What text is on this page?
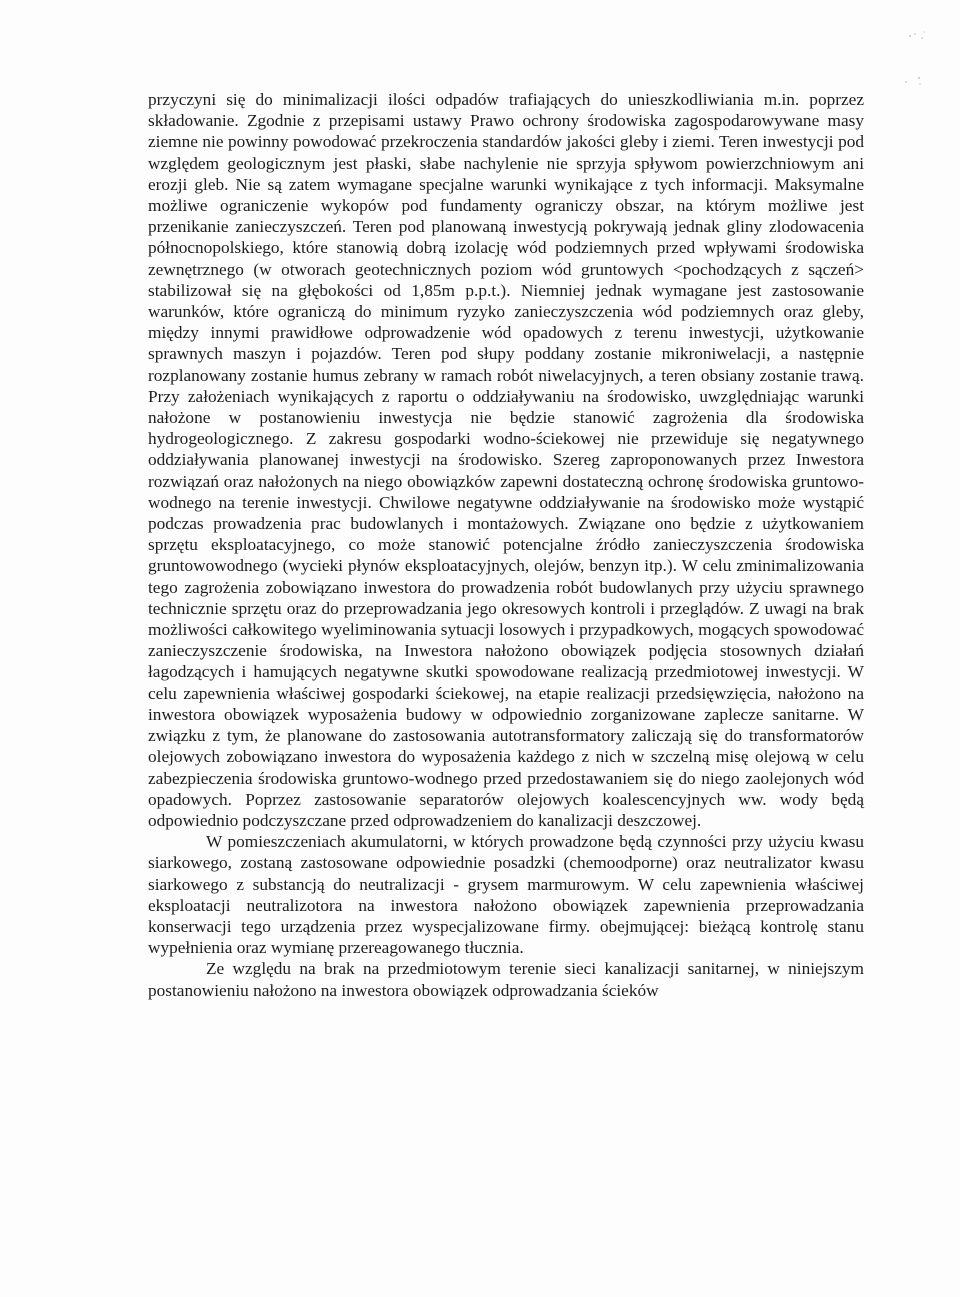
przyczyni się do minimalizacji ilości odpadów trafiających do unieszkodliwiania m.in. poprzez składowanie. Zgodnie z przepisami ustawy Prawo ochrony środowiska zagospodarowywane masy ziemne nie powinny powodować przekroczenia standardów jakości gleby i ziemi. Teren inwestycji pod względem geologicznym jest płaski, słabe nachylenie nie sprzyja spływom powierzchniowym ani erozji gleb. Nie są zatem wymagane specjalne warunki wynikające z tych informacji. Maksymalne możliwe ograniczenie wykopów pod fundamenty ograniczy obszar, na którym możliwe jest przenikanie zanieczyszczeń. Teren pod planowaną inwestycją pokrywają jednak gliny zlodowacenia północnopolskiego, które stanowią dobrą izolację wód podziemnych przed wpływami środowiska zewnętrznego (w otworach geotechnicznych poziom wód gruntowych <pochodzących z sączeń> stabilizował się na głębokości od 1,85m p.p.t.). Niemniej jednak wymagane jest zastosowanie warunków, które ograniczą do minimum ryzyko zanieczyszczenia wód podziemnych oraz gleby, między innymi prawidłowe odprowadzenie wód opadowych z terenu inwestycji, użytkowanie sprawnych maszyn i pojazdów. Teren pod słupy poddany zostanie mikroniwelacji, a następnie rozplanowany zostanie humus zebrany w ramach robót niwelacyjnych, a teren obsiany zostanie trawą. Przy założeniach wynikających z raportu o oddziaływaniu na środowisko, uwzględniając warunki nałożone w postanowieniu inwestycja nie będzie stanowić zagrożenia dla środowiska hydrogeologicznego. Z zakresu gospodarki wodno-ściekowej nie przewiduje się negatywnego oddziaływania planowanej inwestycji na środowisko. Szereg zaproponowanych przez Inwestora rozwiązań oraz nałożonych na niego obowiązków zapewni dostateczną ochronę środowiska gruntowo-wodnego na terenie inwestycji. Chwilowe negatywne oddziaływanie na środowisko może wystąpić podczas prowadzenia prac budowlanych i montażowych. Związane ono będzie z użytkowaniem sprzętu eksploatacyjnego, co może stanowić potencjalne źródło zanieczyszczenia środowiska gruntowowodnego (wycieki płynów eksploatacyjnych, olejów, benzyn itp.). W celu zminimalizowania tego zagrożenia zobowiązano inwestora do prowadzenia robót budowlanych przy użyciu sprawnego technicznie sprzętu oraz do przeprowadzania jego okresowych kontroli i przeglądów. Z uwagi na brak możliwości całkowitego wyeliminowania sytuacji losowych i przypadkowych, mogących spowodować zanieczyszczenie środowiska, na Inwestora nałożono obowiązek podjęcia stosownych działań łagodzących i hamujących negatywne skutki spowodowane realizacją przedmiotowej inwestycji. W celu zapewnienia właściwej gospodarki ściekowej, na etapie realizacji przedsięwzięcia, nałożono na inwestora obowiązek wyposażenia budowy w odpowiednio zorganizowane zaplecze sanitarne. W związku z tym, że planowane do zastosowania autotransformatory zaliczają się do transformatorów olejowych zobowiązano inwestora do wyposażenia każdego z nich w szczelną misę olejową w celu zabezpieczenia środowiska gruntowo-wodnego przed przedostawaniem się do niego zaolejonych wód opadowych. Poprzez zastosowanie separatorów olejowych koalescencyjnych ww. wody będą odpowiednio podczyszczane przed odprowadzeniem do kanalizacji deszczowej.

W pomieszczeniach akumulatorni, w których prowadzone będą czynności przy użyciu kwasu siarkowego, zostaną zastosowane odpowiednie posadzki (chemoodporne) oraz neutralizator kwasu siarkowego z substancją do neutralizacji - grysem marmurowym. W celu zapewnienia właściwej eksploatacji neutralizotora na inwestora nałożono obowiązek zapewnienia przeprowadzania konserwacji tego urządzenia przez wyspecjalizowane firmy. obejmującej: bieżącą kontrolę stanu wypełnienia oraz wymianę przereagowanego tłucznia.

Ze względu na brak na przedmiotowym terenie sieci kanalizacji sanitarnej, w niniejszym postanowieniu nałożono na inwestora obowiązek odprowadzania ścieków
